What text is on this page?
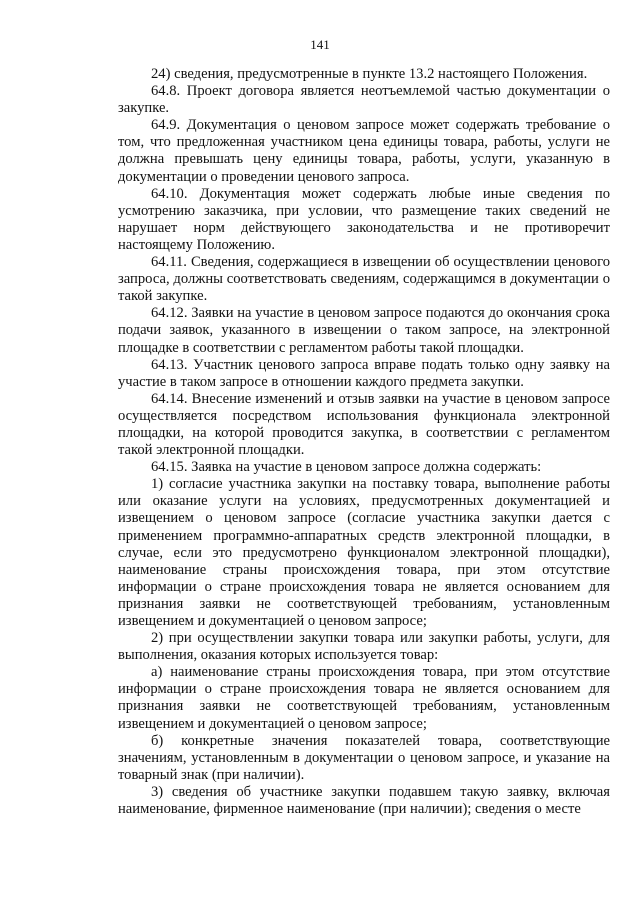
141

24) сведения, предусмотренные в пункте 13.2 настоящего Положения.

64.8. Проект договора является неотъемлемой частью документации о закупке.

64.9. Документация о ценовом запросе может содержать требование о том, что предложенная участником цена единицы товара, работы, услуги не должна превышать цену единицы товара, работы, услуги, указанную в документации о проведении ценового запроса.

64.10. Документация может содержать любые иные сведения по усмотрению заказчика, при условии, что размещение таких сведений не нарушает норм действующего законодательства и не противоречит настоящему Положению.

64.11. Сведения, содержащиеся в извещении об осуществлении ценового запроса, должны соответствовать сведениям, содержащимся в документации о такой закупке.

64.12. Заявки на участие в ценовом запросе подаются до окончания срока подачи заявок, указанного в извещении о таком запросе, на электронной площадке в соответствии с регламентом работы такой площадки.

64.13. Участник ценового запроса вправе подать только одну заявку на участие в таком запросе в отношении каждого предмета закупки.

64.14. Внесение изменений и отзыв заявки на участие в ценовом запросе осуществляется посредством использования функционала электронной площадки, на которой проводится закупка, в соответствии с регламентом такой электронной площадки.

64.15. Заявка на участие в ценовом запросе должна содержать:

1) согласие участника закупки на поставку товара, выполнение работы или оказание услуги на условиях, предусмотренных документацией и извещением о ценовом запросе (согласие участника закупки дается с применением программно-аппаратных средств электронной площадки, в случае, если это предусмотрено функционалом электронной площадки), наименование страны происхождения товара, при этом отсутствие информации о стране происхождения товара не является основанием для признания заявки не соответствующей требованиям, установленным извещением и документацией о ценовом запросе;

2) при осуществлении закупки товара или закупки работы, услуги, для выполнения, оказания которых используется товар:

а) наименование страны происхождения товара, при этом отсутствие информации о стране происхождения товара не является основанием для признания заявки не соответствующей требованиям, установленным извещением и документацией о ценовом запросе;

б) конкретные значения показателей товара, соответствующие значениям, установленным в документации о ценовом запросе, и указание на товарный знак (при наличии).

3) сведения об участнике закупки подавшем такую заявку, включая наименование, фирменное наименование (при наличии); сведения о месте
